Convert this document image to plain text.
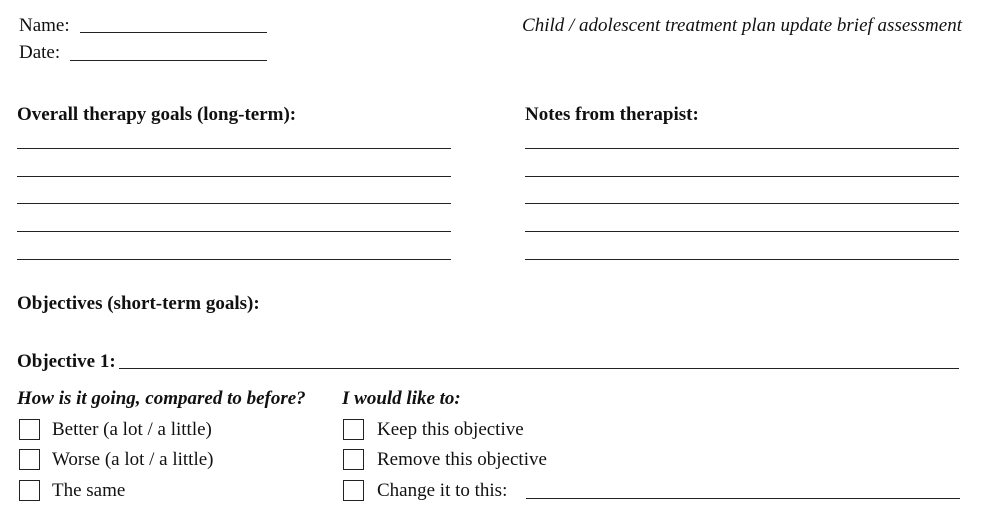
Name:
Date:
Child / adolescent treatment plan update brief assessment
Overall therapy goals (long-term):	Notes from therapist:
Objectives (short-term goals):
Objective 1:
How is it going, compared to before?
Better (a lot / a little)
Worse (a lot / a little)
The same
I would like to:
Keep this objective
Remove this objective
Change it to this:
